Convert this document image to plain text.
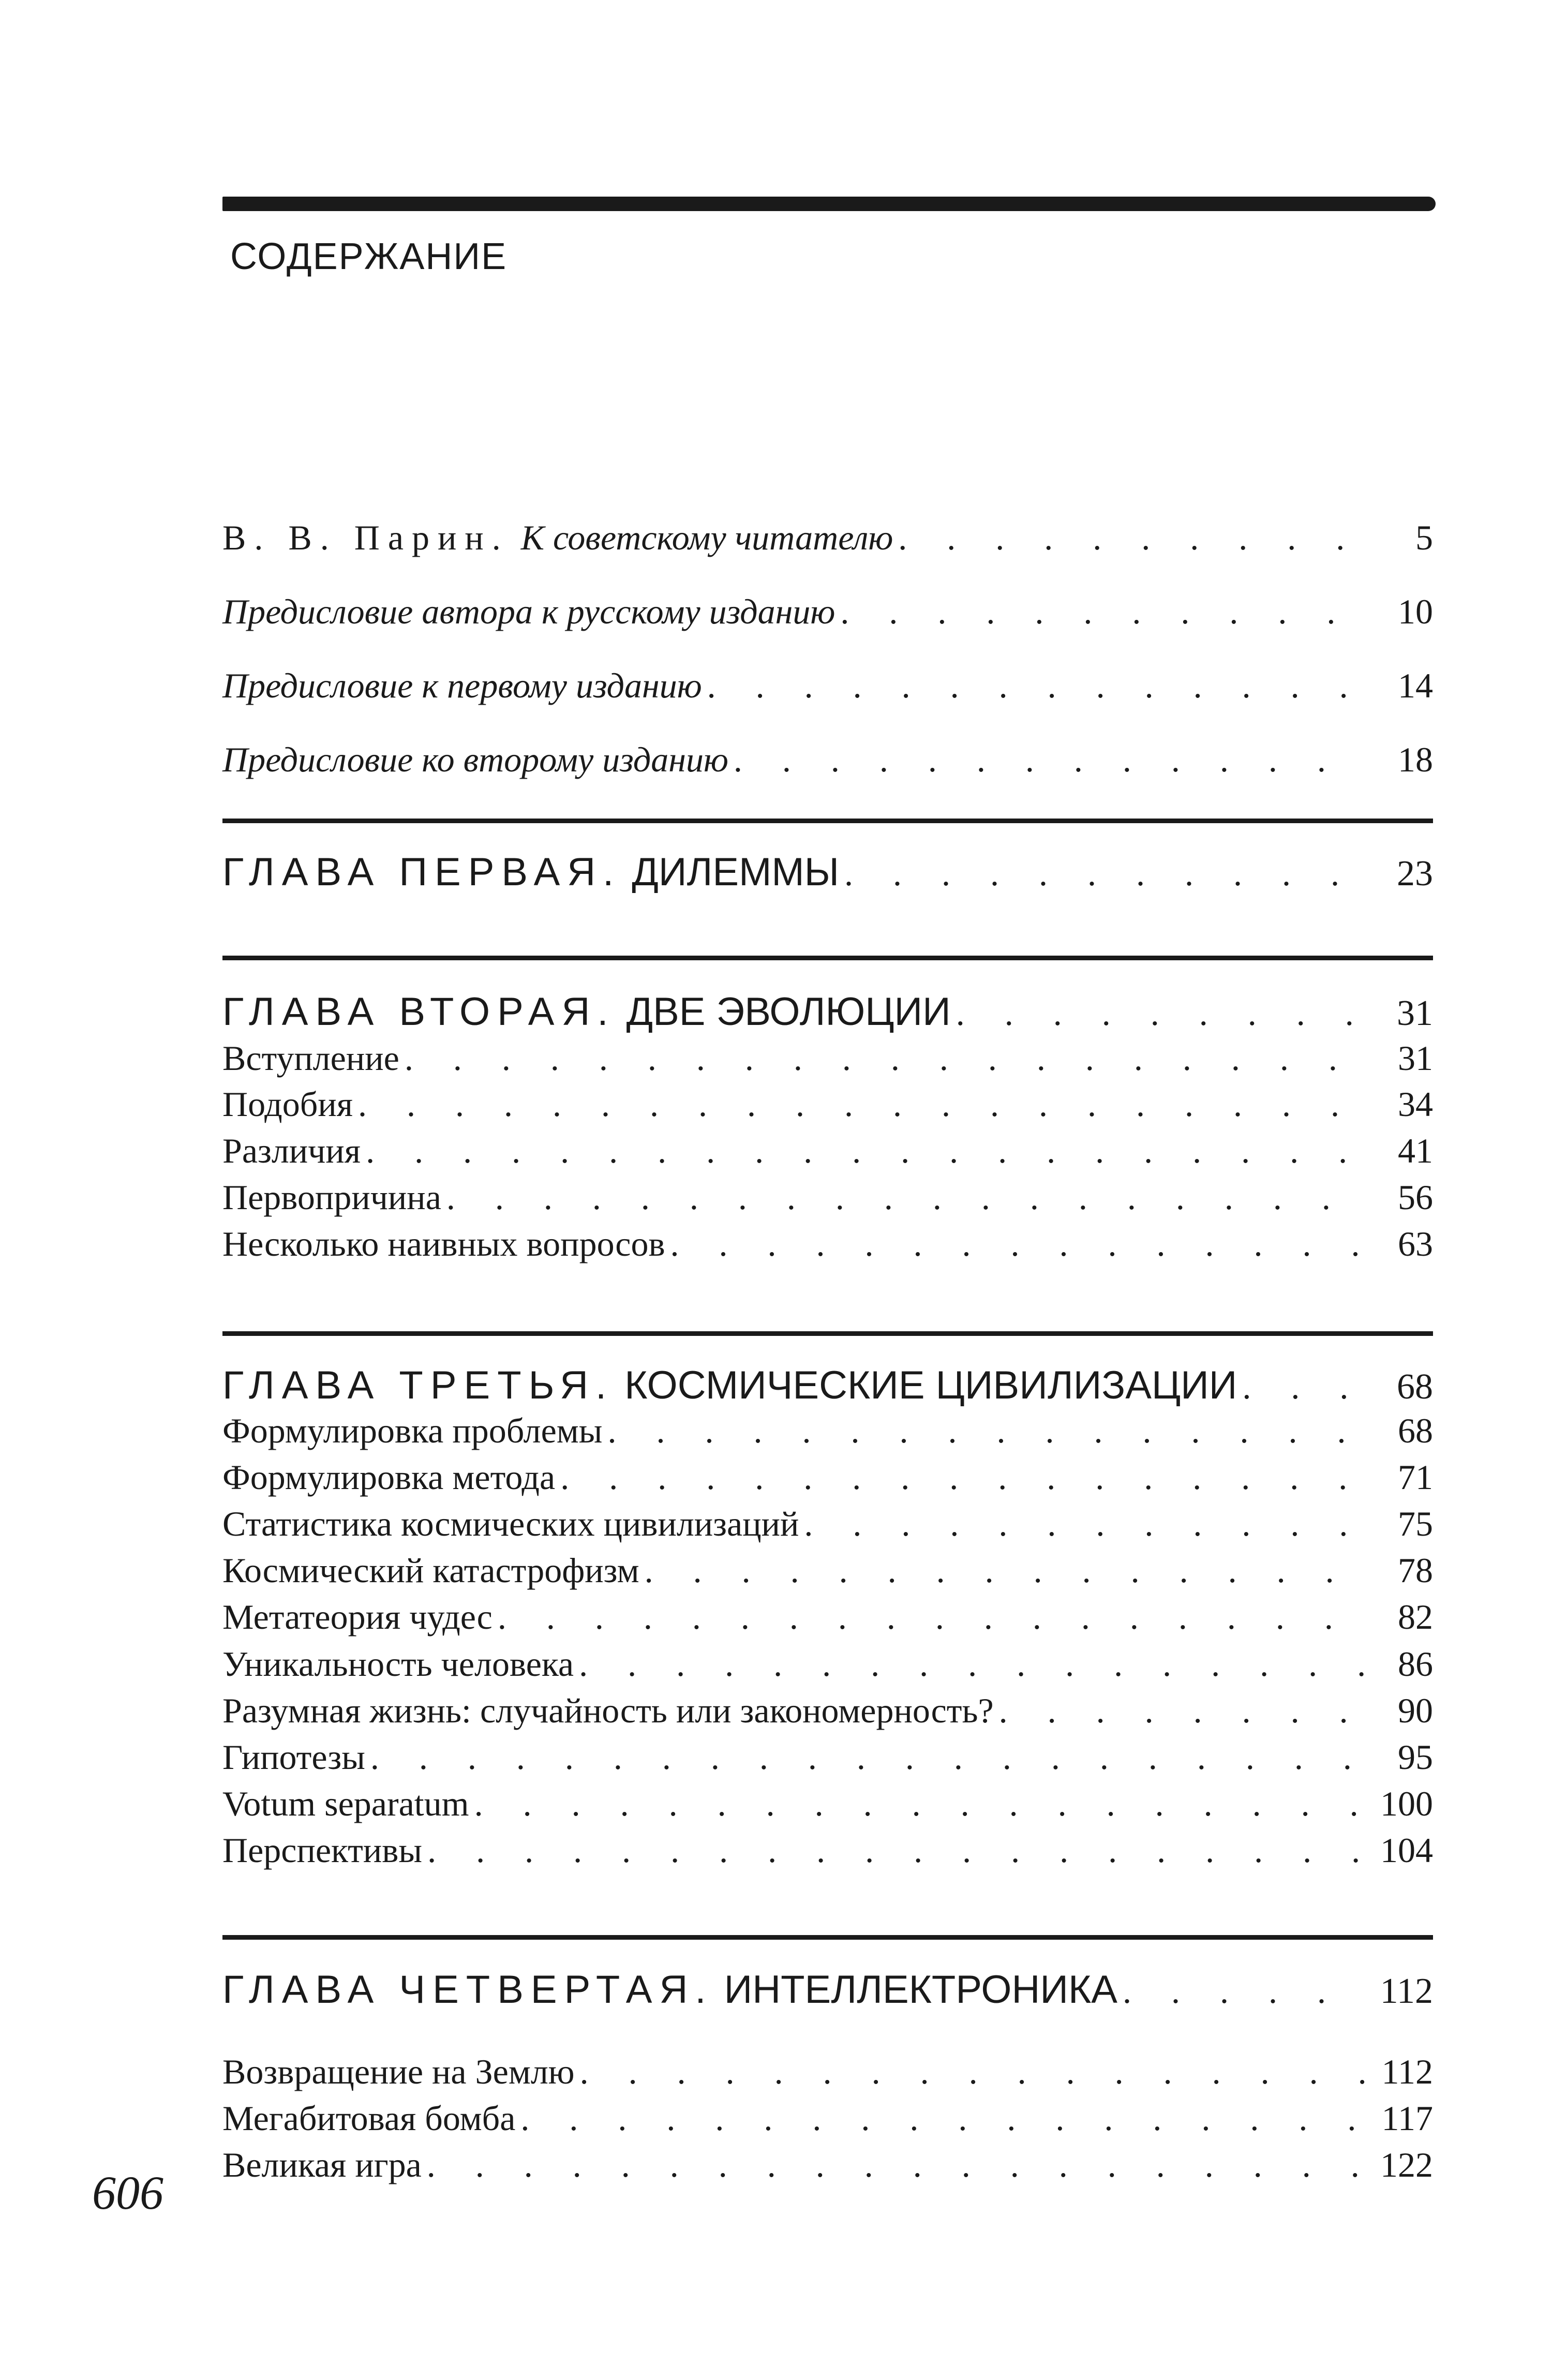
СОДЕРЖАНИЕ
В. В. Парин. К советскому читателю . . .	5
Предисловие автора к русскому изданию . . .	10
Предисловие к первому изданию . . .	14
Предисловие ко второму изданию . . .	18
ГЛАВА ПЕРВАЯ. ДИЛЕММЫ . . .	23
ГЛАВА ВТОРАЯ. ДВЕ ЭВОЛЮЦИИ . . .	31
Вступление . . .	31
Подобия . . .	34
Различия . . .	41
Первопричина . . .	56
Несколько наивных вопросов . . .	63
ГЛАВА ТРЕТЬЯ. КОСМИЧЕСКИЕ ЦИВИЛИЗАЦИИ . . .	68
Формулировка проблемы . . .	68
Формулировка метода . . .	71
Статистика космических цивилизаций . . .	75
Космический катастрофизм . . .	78
Метатеория чудес . . .	82
Уникальность человека . . .	86
Разумная жизнь: случайность или закономерность? . . .	90
Гипотезы . . .	95
Votum separatum . . .	100
Перспективы . . .	104
ГЛАВА ЧЕТВЕРТАЯ. ИНТЕЛЛЕКТРОНИКА . . .	112
Возвращение на Землю . . .	112
Мегабитовая бомба . . .	117
Великая игра . . .	122
606
